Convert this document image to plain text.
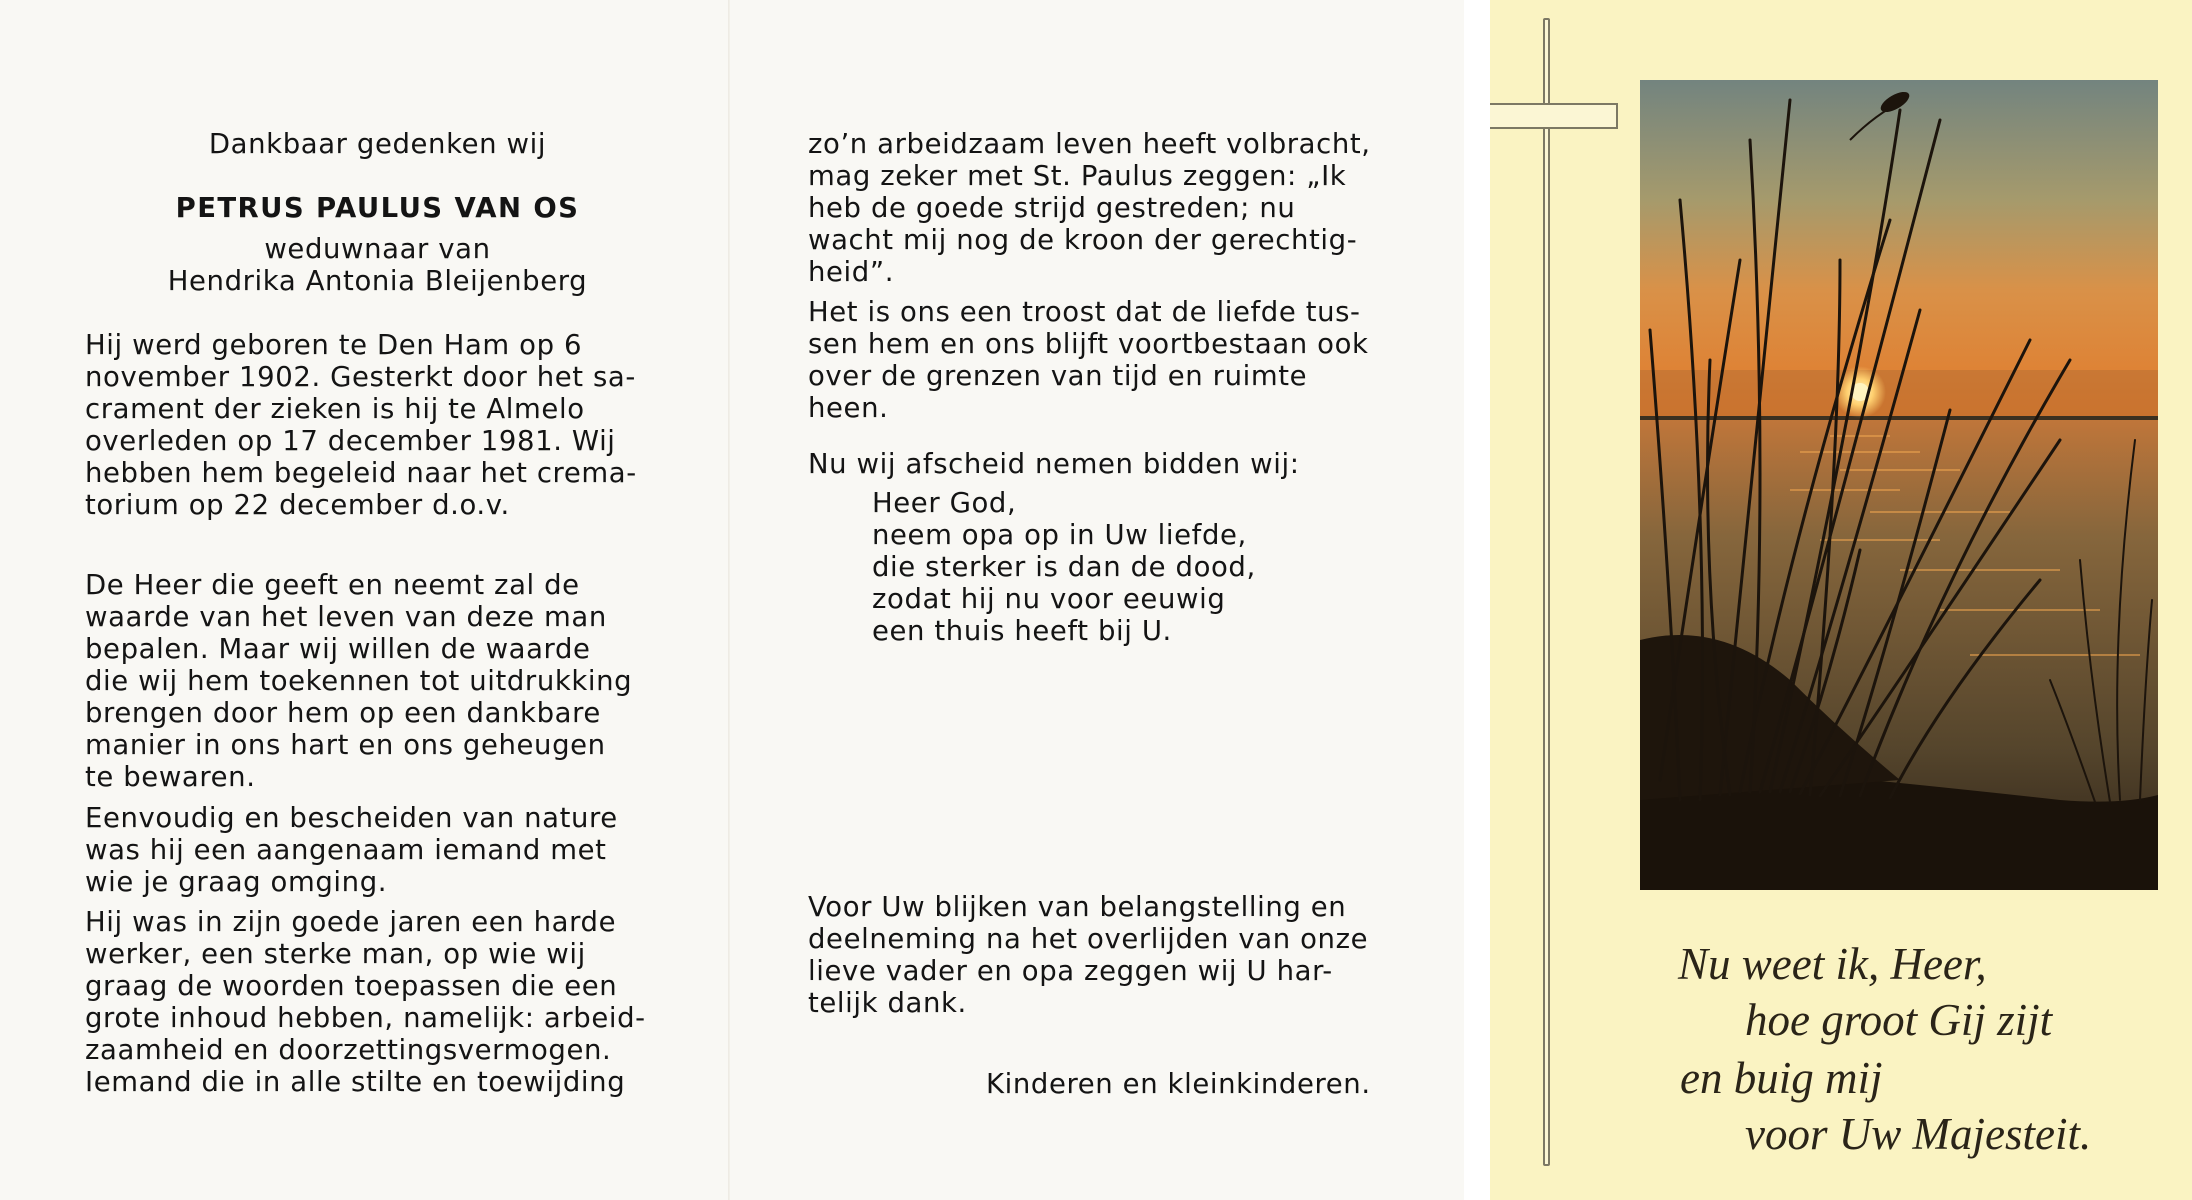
Dankbaar gedenken wij
PETRUS PAULUS VAN OS
weduwnaar van
Hendrika Antonia Bleijenberg
Hij werd geboren te Den Ham op 6
november 1902. Gesterkt door het sa-
crament der zieken is hij te Almelo
overleden op 17 december 1981. Wij
hebben hem begeleid naar het crema-
torium op 22 december d.o.v.
De Heer die geeft en neemt zal de
waarde van het leven van deze man
bepalen. Maar wij willen de waarde
die wij hem toekennen tot uitdrukking
brengen door hem op een dankbare
manier in ons hart en ons geheugen
te bewaren.
Eenvoudig en bescheiden van nature
was hij een aangenaam iemand met
wie je graag omging.
Hij was in zijn goede jaren een harde
werker, een sterke man, op wie wij
graag de woorden toepassen die een
grote inhoud hebben, namelijk: arbeid-
zaamheid en doorzettingsvermogen.
Iemand die in alle stilte en toewijding
zo’n arbeidzaam leven heeft volbracht,
mag zeker met St. Paulus zeggen: „Ik
heb de goede strijd gestreden; nu
wacht mij nog de kroon der gerechtig-
heid”.
Het is ons een troost dat de liefde tus-
sen hem en ons blijft voortbestaan ook
over de grenzen van tijd en ruimte
heen.
Nu wij afscheid nemen bidden wij:
Heer God,
neem opa op in Uw liefde,
die sterker is dan de dood,
zodat hij nu voor eeuwig
een thuis heeft bij U.
Voor Uw blijken van belangstelling en
deelneming na het overlijden van onze
lieve vader en opa zeggen wij U har-
telijk dank.
Kinderen en kleinkinderen.
Nu weet ik, Heer,
hoe groot Gij zijt
en buig mij
voor Uw Majesteit.
